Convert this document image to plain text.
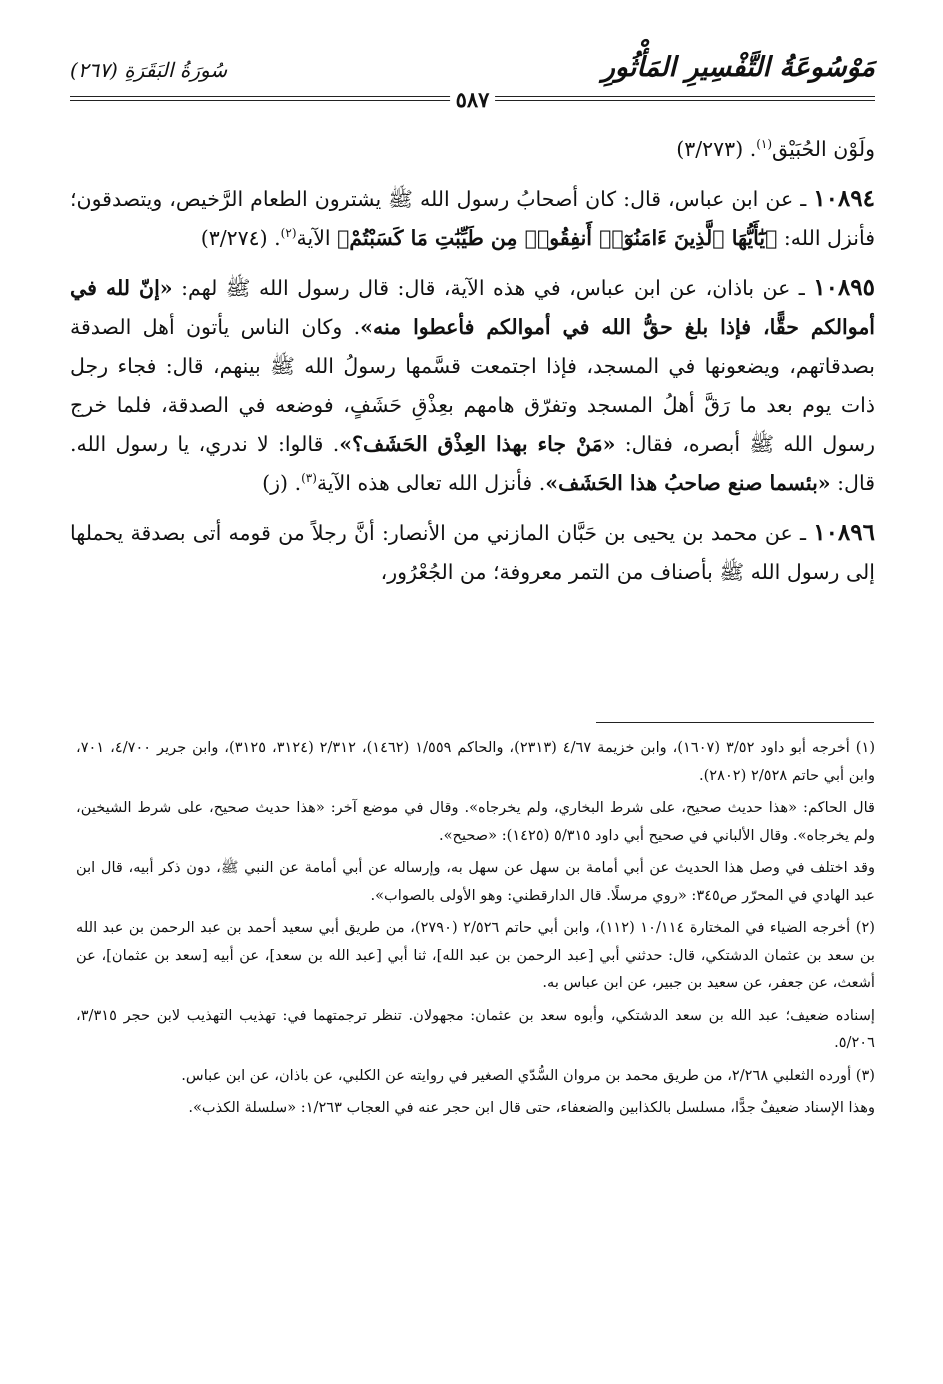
مَوْسُوعَةُ التَّفْسِيرِ المَأْثُورِ
سُورَةُ البَقَرَةِ (٢٦٧)
٥٨٧

ولَوْن الحُبَيْق$^{(١)}$. (٣/٢٧٣)

١٠٨٩٤ ـ عن ابن عباس، قال: كان أصحابُ رسول الله ﷺ يشترون الطعام الرَّخيص، ويتصدقون؛ فأنزل الله: ﴿يَٰٓأَيُّهَا ٱلَّذِينَ ءَامَنُوٓا۟ أَنفِقُوا۟ مِن طَيِّبَٰتِ مَا كَسَبْتُمْ﴾ الآية$^{(٢)}$. (٣/٢٧٤)

١٠٨٩٥ ـ عن باذان، عن ابن عباس، في هذه الآية، قال: قال رسول الله ﷺ لهم: «إنّ لله في أموالكم حقًّا، فإذا بلغ حقُّ الله في أموالكم فأعطوا منه». وكان الناس يأتون أهل الصدقة بصدقاتهم، ويضعونها في المسجد، فإذا اجتمعت قسَّمها رسولُ الله ﷺ بينهم، قال: فجاء رجل ذات يوم بعد ما رَقَّ أهلُ المسجد وتفرّق هامهم بعِذْقِ حَشَفٍ، فوضعه في الصدقة، فلما خرج رسول الله ﷺ أبصره، فقال: «مَنْ جاء بهذا العِذْق الحَشَف؟». قالوا: لا ندري، يا رسول الله. قال: «بئسما صنع صاحبُ هذا الحَشَف». فأنزل الله تعالى هذه الآية$^{(٣)}$. (ز)

١٠٨٩٦ ـ عن محمد بن يحيى بن حَبَّان المازني من الأنصار: أنَّ رجلاً من قومه أتى بصدقة يحملها إلى رسول الله ﷺ بأصناف من التمر معروفة؛ من الجُعْرُور،

(١) أخرجه أبو داود ٣/٥٢ (١٦٠٧)، وابن خزيمة ٤/٦٧ (٢٣١٣)، والحاكم ١/٥٥٩ (١٤٦٢)، ٢/٣١٢ (٣١٢٤، ٣١٢٥)، وابن جرير ٤/٧٠٠، ٧٠١، وابن أبي حاتم ٢/٥٢٨ (٢٨٠٢).

قال الحاكم: «هذا حديث صحيح، على شرط البخاري، ولم يخرجاه». وقال في موضع آخر: «هذا حديث صحيح، على شرط الشيخين، ولم يخرجاه». وقال الألباني في صحيح أبي داود ٥/٣١٥ (١٤٢٥): «صحيح».

وقد اختلف في وصل هذا الحديث عن أبي أمامة بن سهل عن سهل به، وإرساله عن أبي أمامة عن النبي ﷺ، دون ذكر أبيه، قال ابن عبد الهادي في المحرّر ص٣٤٥: «روي مرسلًا. قال الدارقطني: وهو الأولى بالصواب».

(٢) أخرجه الضياء في المختارة ١٠/١١٤ (١١٢)، وابن أبي حاتم ٢/٥٢٦ (٢٧٩٠)، من طريق أبي سعيد أحمد بن عبد الرحمن بن عبد الله بن سعد بن عثمان الدشتكي، قال: حدثني أبي [عبد الرحمن بن عبد الله]، ثنا أبي [عبد الله بن سعد]، عن أبيه [سعد بن عثمان]، عن أشعث، عن جعفر، عن سعيد بن جبير، عن ابن عباس به.

إسناده ضعيف؛ عبد الله بن سعد الدشتكي، وأبوه سعد بن عثمان: مجهولان. تنظر ترجمتهما في: تهذيب التهذيب لابن حجر ٣/٣١٥، ٥/٢٠٦.

(٣) أورده الثعلبي ٢/٢٦٨، من طريق محمد بن مروان السُّدّي الصغير في روايته عن الكلبي، عن باذان، عن ابن عباس.

وهذا الإسناد ضعيفٌ جدًّا، مسلسل بالكذابين والضعفاء، حتى قال ابن حجر عنه في العجاب ١/٢٦٣: «سلسلة الكذب».
